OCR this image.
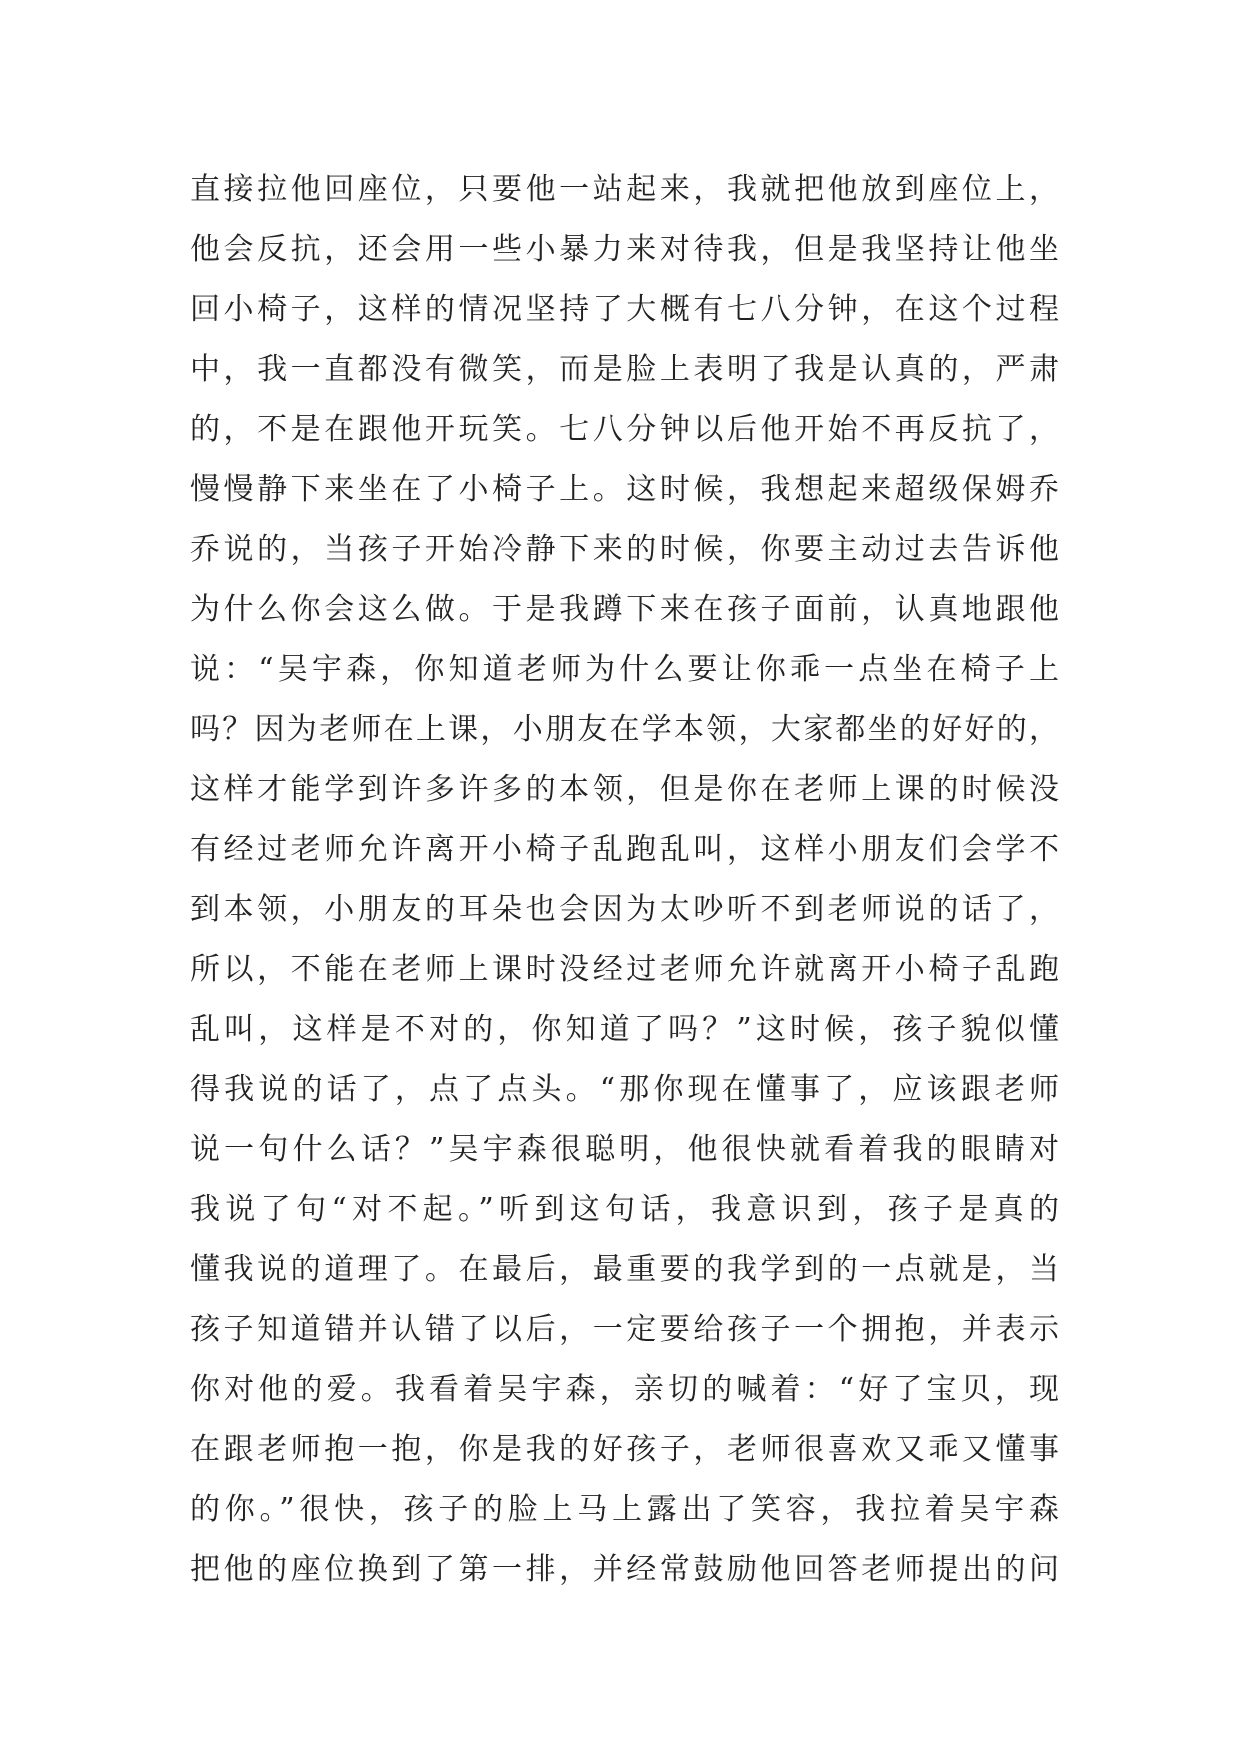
直接拉他回座位，只要他一站起来，我就把他放到座位上，
他会反抗，还会用一些小暴力来对待我，但是我坚持让他坐
回小椅子，这样的情况坚持了大概有七八分钟，在这个过程
中，我一直都没有微笑，而是脸上表明了我是认真的，严肃
的，不是在跟他开玩笑。七八分钟以后他开始不再反抗了，
慢慢静下来坐在了小椅子上。这时候，我想起来超级保姆乔
乔说的，当孩子开始冷静下来的时候，你要主动过去告诉他
为什么你会这么做。于是我蹲下来在孩子面前，认真地跟他
说：“吴宇森，你知道老师为什么要让你乖一点坐在椅子上
吗？因为老师在上课，小朋友在学本领，大家都坐的好好的，
这样才能学到许多许多的本领，但是你在老师上课的时候没
有经过老师允许离开小椅子乱跑乱叫，这样小朋友们会学不
到本领，小朋友的耳朵也会因为太吵听不到老师说的话了，
所以，不能在老师上课时没经过老师允许就离开小椅子乱跑
乱叫，这样是不对的，你知道了吗？”这时候，孩子貌似懂
得我说的话了，点了点头。“那你现在懂事了，应该跟老师
说一句什么话？”吴宇森很聪明，他很快就看着我的眼睛对
我说了句“对不起。”听到这句话，我意识到，孩子是真的
懂我说的道理了。在最后，最重要的我学到的一点就是，当
孩子知道错并认错了以后，一定要给孩子一个拥抱，并表示
你对他的爱。我看着吴宇森，亲切的喊着：“好了宝贝，现
在跟老师抱一抱，你是我的好孩子，老师很喜欢又乖又懂事
的你。”很快，孩子的脸上马上露出了笑容，我拉着吴宇森
把他的座位换到了第一排，并经常鼓励他回答老师提出的问
